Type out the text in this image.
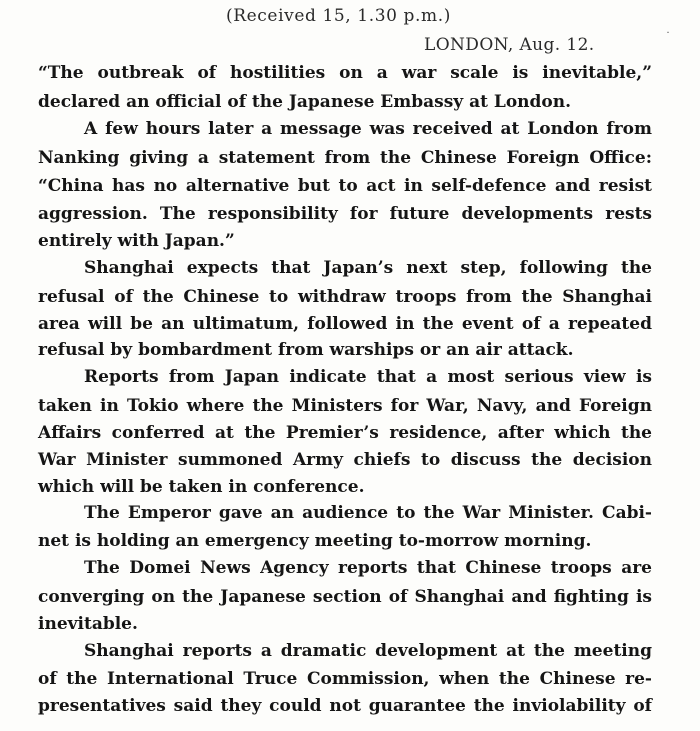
(Received 15, 1.30 p.m.)
LONDON, Aug. 12.	˙
“The outbreak of hostilities on a war scale is inevitable,”
declared an official of the Japanese Embassy at London.
A few hours later a message was received at London from
Nanking giving a statement from the Chinese Foreign Office:
“China has no alternative but to act in self-defence and resist
aggression. The responsibility for future developments rests
entirely with Japan.”
Shanghai expects that Japan’s next step, following the
refusal of the Chinese to withdraw troops from the Shanghai
area will be an ultimatum, followed in the event of a repeated
refusal by bombardment from warships or an air attack.
Reports from Japan indicate that a most serious view is
taken in Tokio where the Ministers for War, Navy, and Foreign
Affairs conferred at the Premier’s residence, after which the
War Minister summoned Army chiefs to discuss the decision
which will be taken in conference.
The Emperor gave an audience to the War Minister. Cabi-
net is holding an emergency meeting to-morrow morning.
The Domei News Agency reports that Chinese troops are
converging on the Japanese section of Shanghai and fighting is
inevitable.
Shanghai reports a dramatic development at the meeting
of the International Truce Commission, when the Chinese re-
presentatives said they could not guarantee the inviolability of
